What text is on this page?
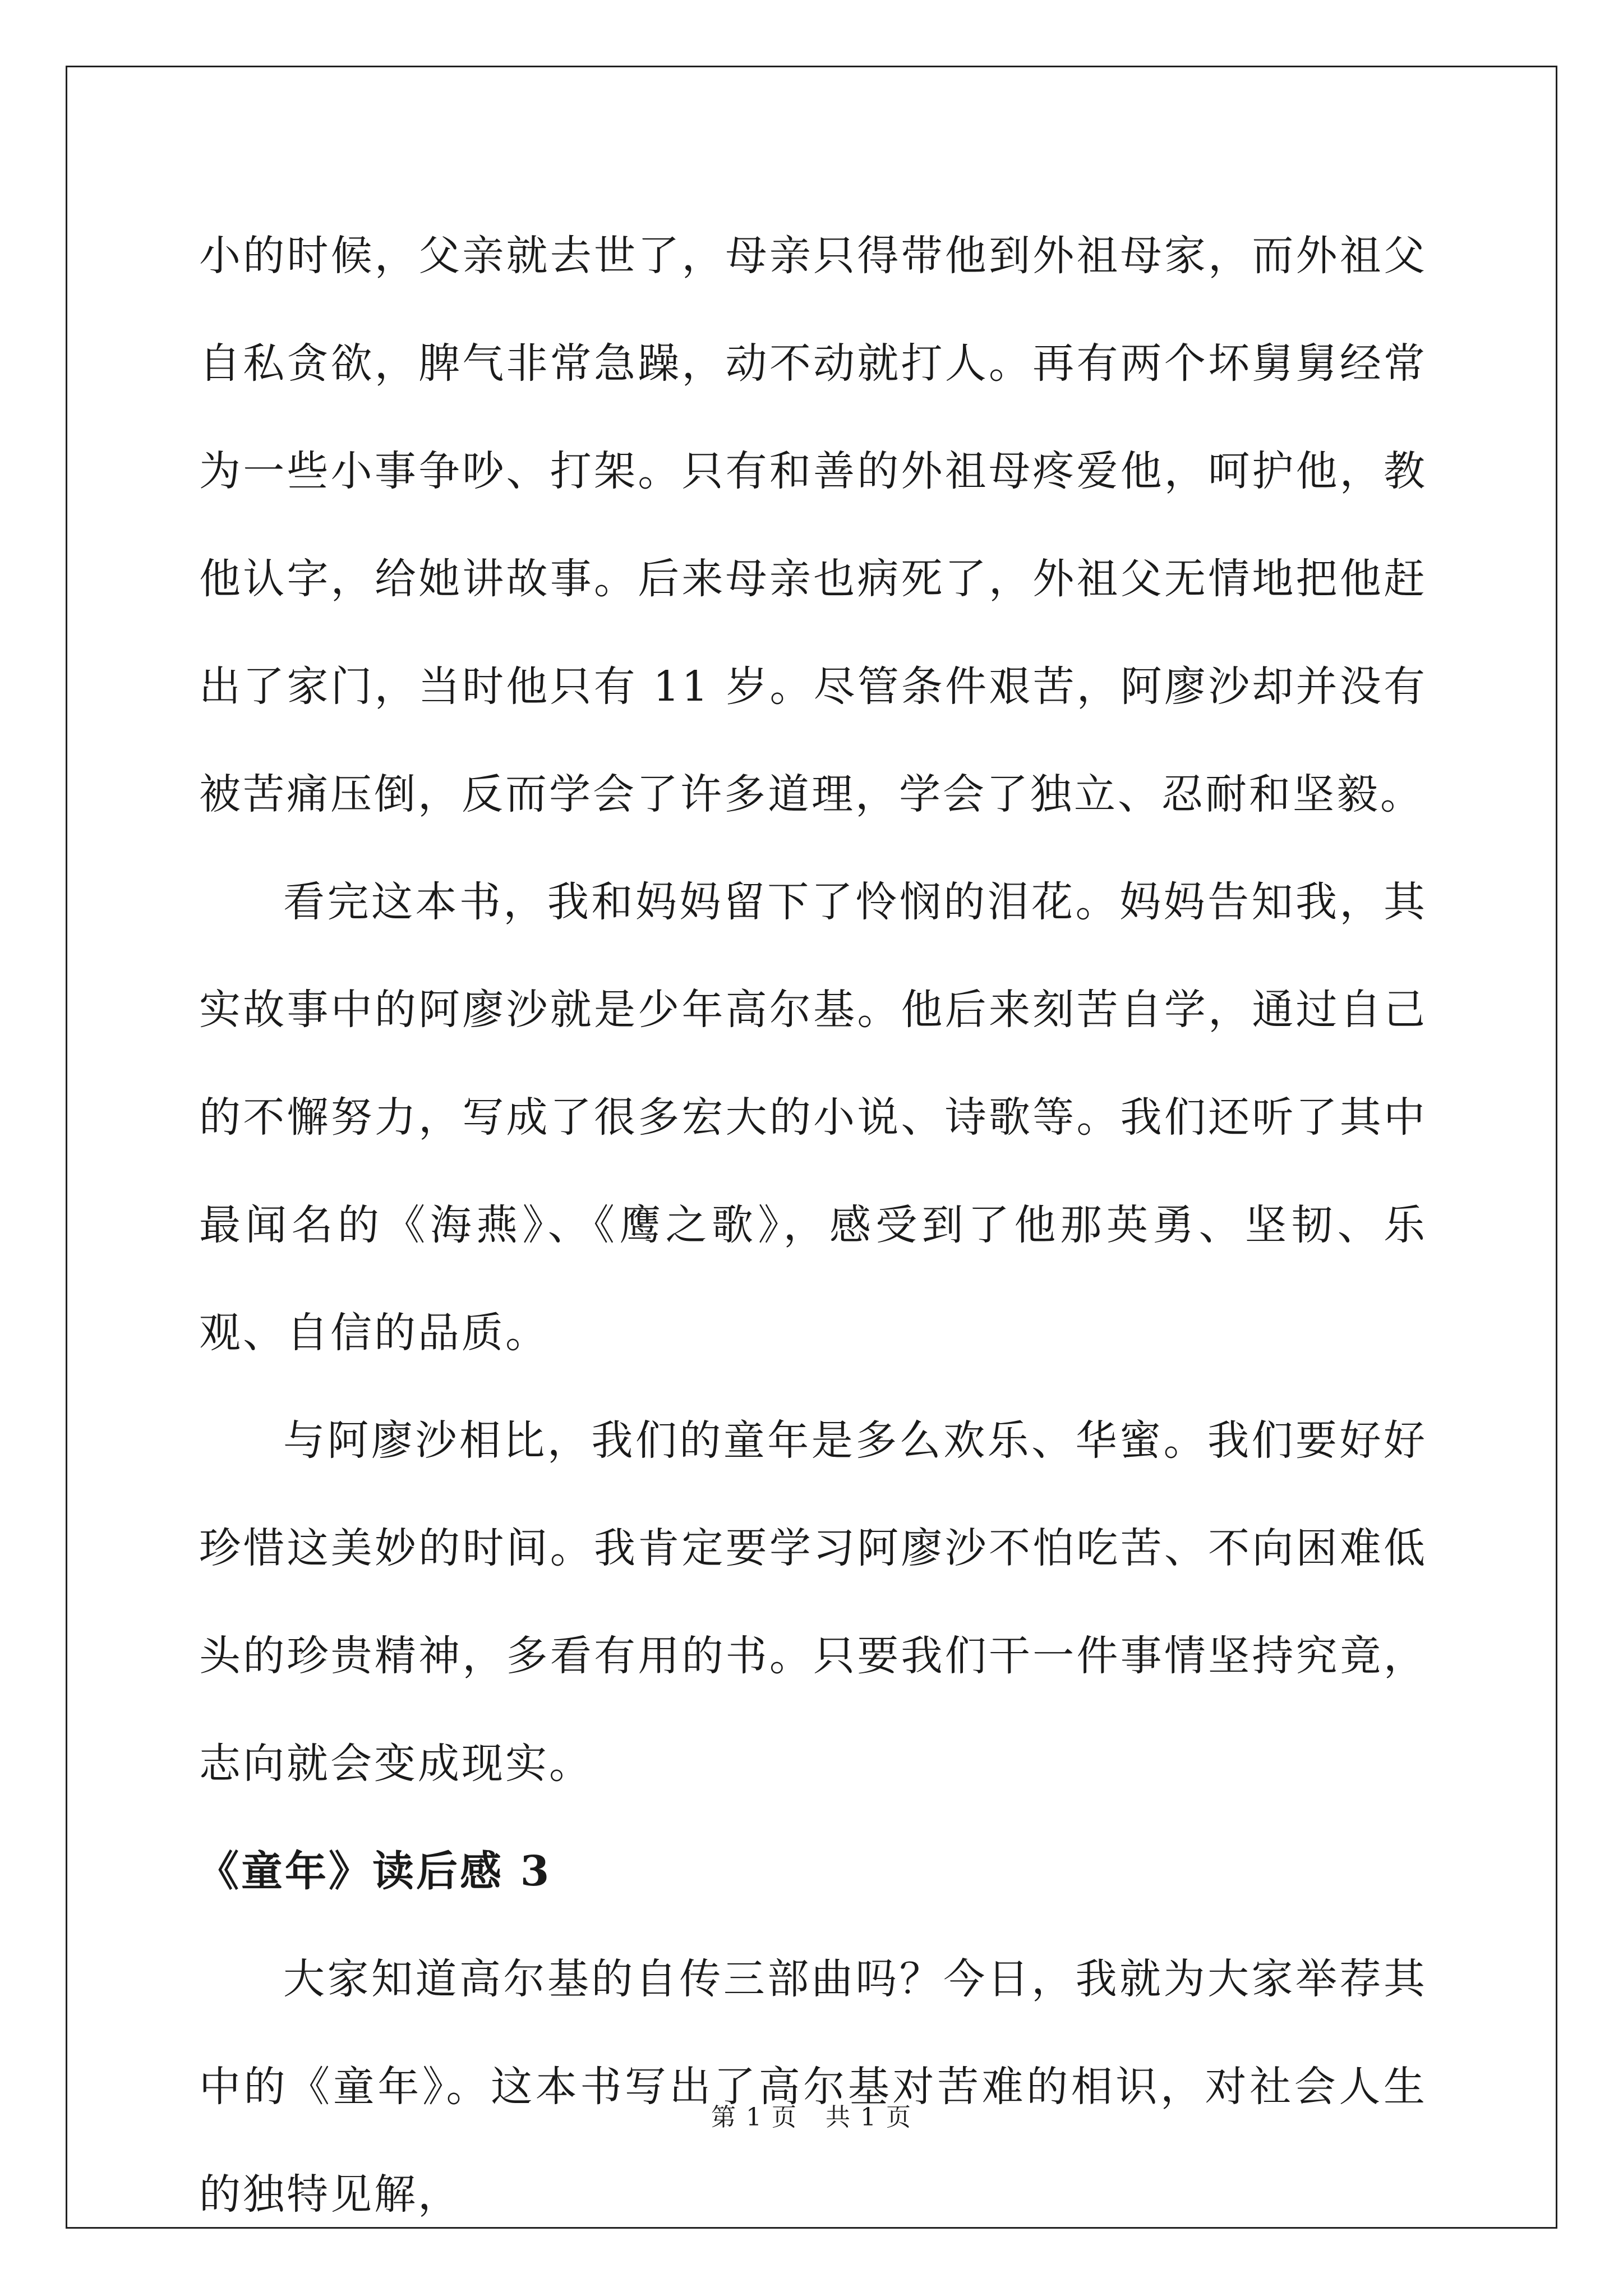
小的时候，父亲就去世了，母亲只得带他到外祖母家，而外祖父自私贪欲，脾气非常急躁，动不动就打人。再有两个坏舅舅经常为一些小事争吵、打架。只有和善的外祖母疼爱他，呵护他，教他认字，给她讲故事。后来母亲也病死了，外祖父无情地把他赶出了家门，当时他只有 11 岁。尽管条件艰苦，阿廖沙却并没有被苦痛压倒，反而学会了许多道理，学会了独立、忍耐和坚毅。

看完这本书，我和妈妈留下了怜悯的泪花。妈妈告知我，其实故事中的阿廖沙就是少年高尔基。他后来刻苦自学，通过自己的不懈努力，写成了很多宏大的小说、诗歌等。我们还听了其中最闻名的《海燕》、《鹰之歌》，感受到了他那英勇、坚韧、乐观、自信的品质。

与阿廖沙相比，我们的童年是多么欢乐、华蜜。我们要好好珍惜这美妙的时间。我肯定要学习阿廖沙不怕吃苦、不向困难低头的珍贵精神，多看有用的书。只要我们干一件事情坚持究竟，志向就会变成现实。

《童年》读后感 3

大家知道高尔基的自传三部曲吗？今日，我就为大家举荐其中的《童年》。这本书写出了高尔基对苦难的相识，对社会人生的独特见解，

第 1 页 共 1 页
